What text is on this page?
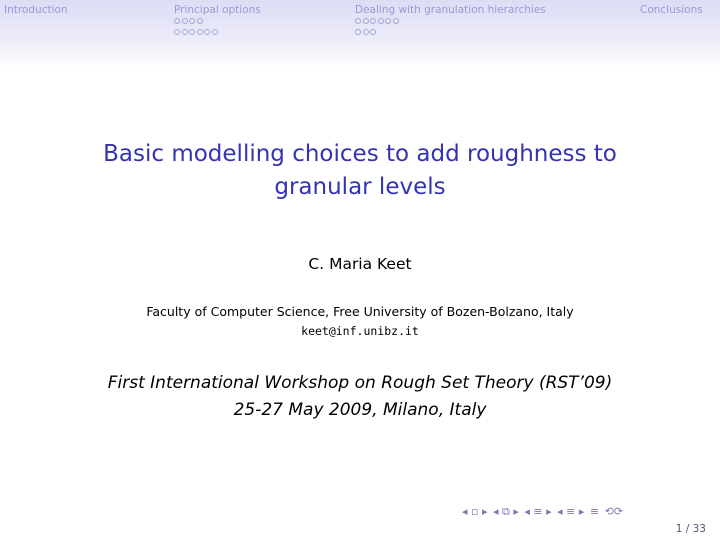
Introduction	Principal options	Dealing with granulation hierarchies	Conclusions
Basic modelling choices to add roughness to
granular levels
C. Maria Keet
Faculty of Computer Science, Free University of Bozen-Bolzano, Italy
keet@inf.unibz.it
First International Workshop on Rough Set Theory (RST’09)
25-27 May 2009, Milano, Italy
◂ ▫ ▸ ◂ ⧉ ▸ ◂ ≡ ▸ ◂ ≡ ▸ ≡ ⟲⟳
1 / 33
